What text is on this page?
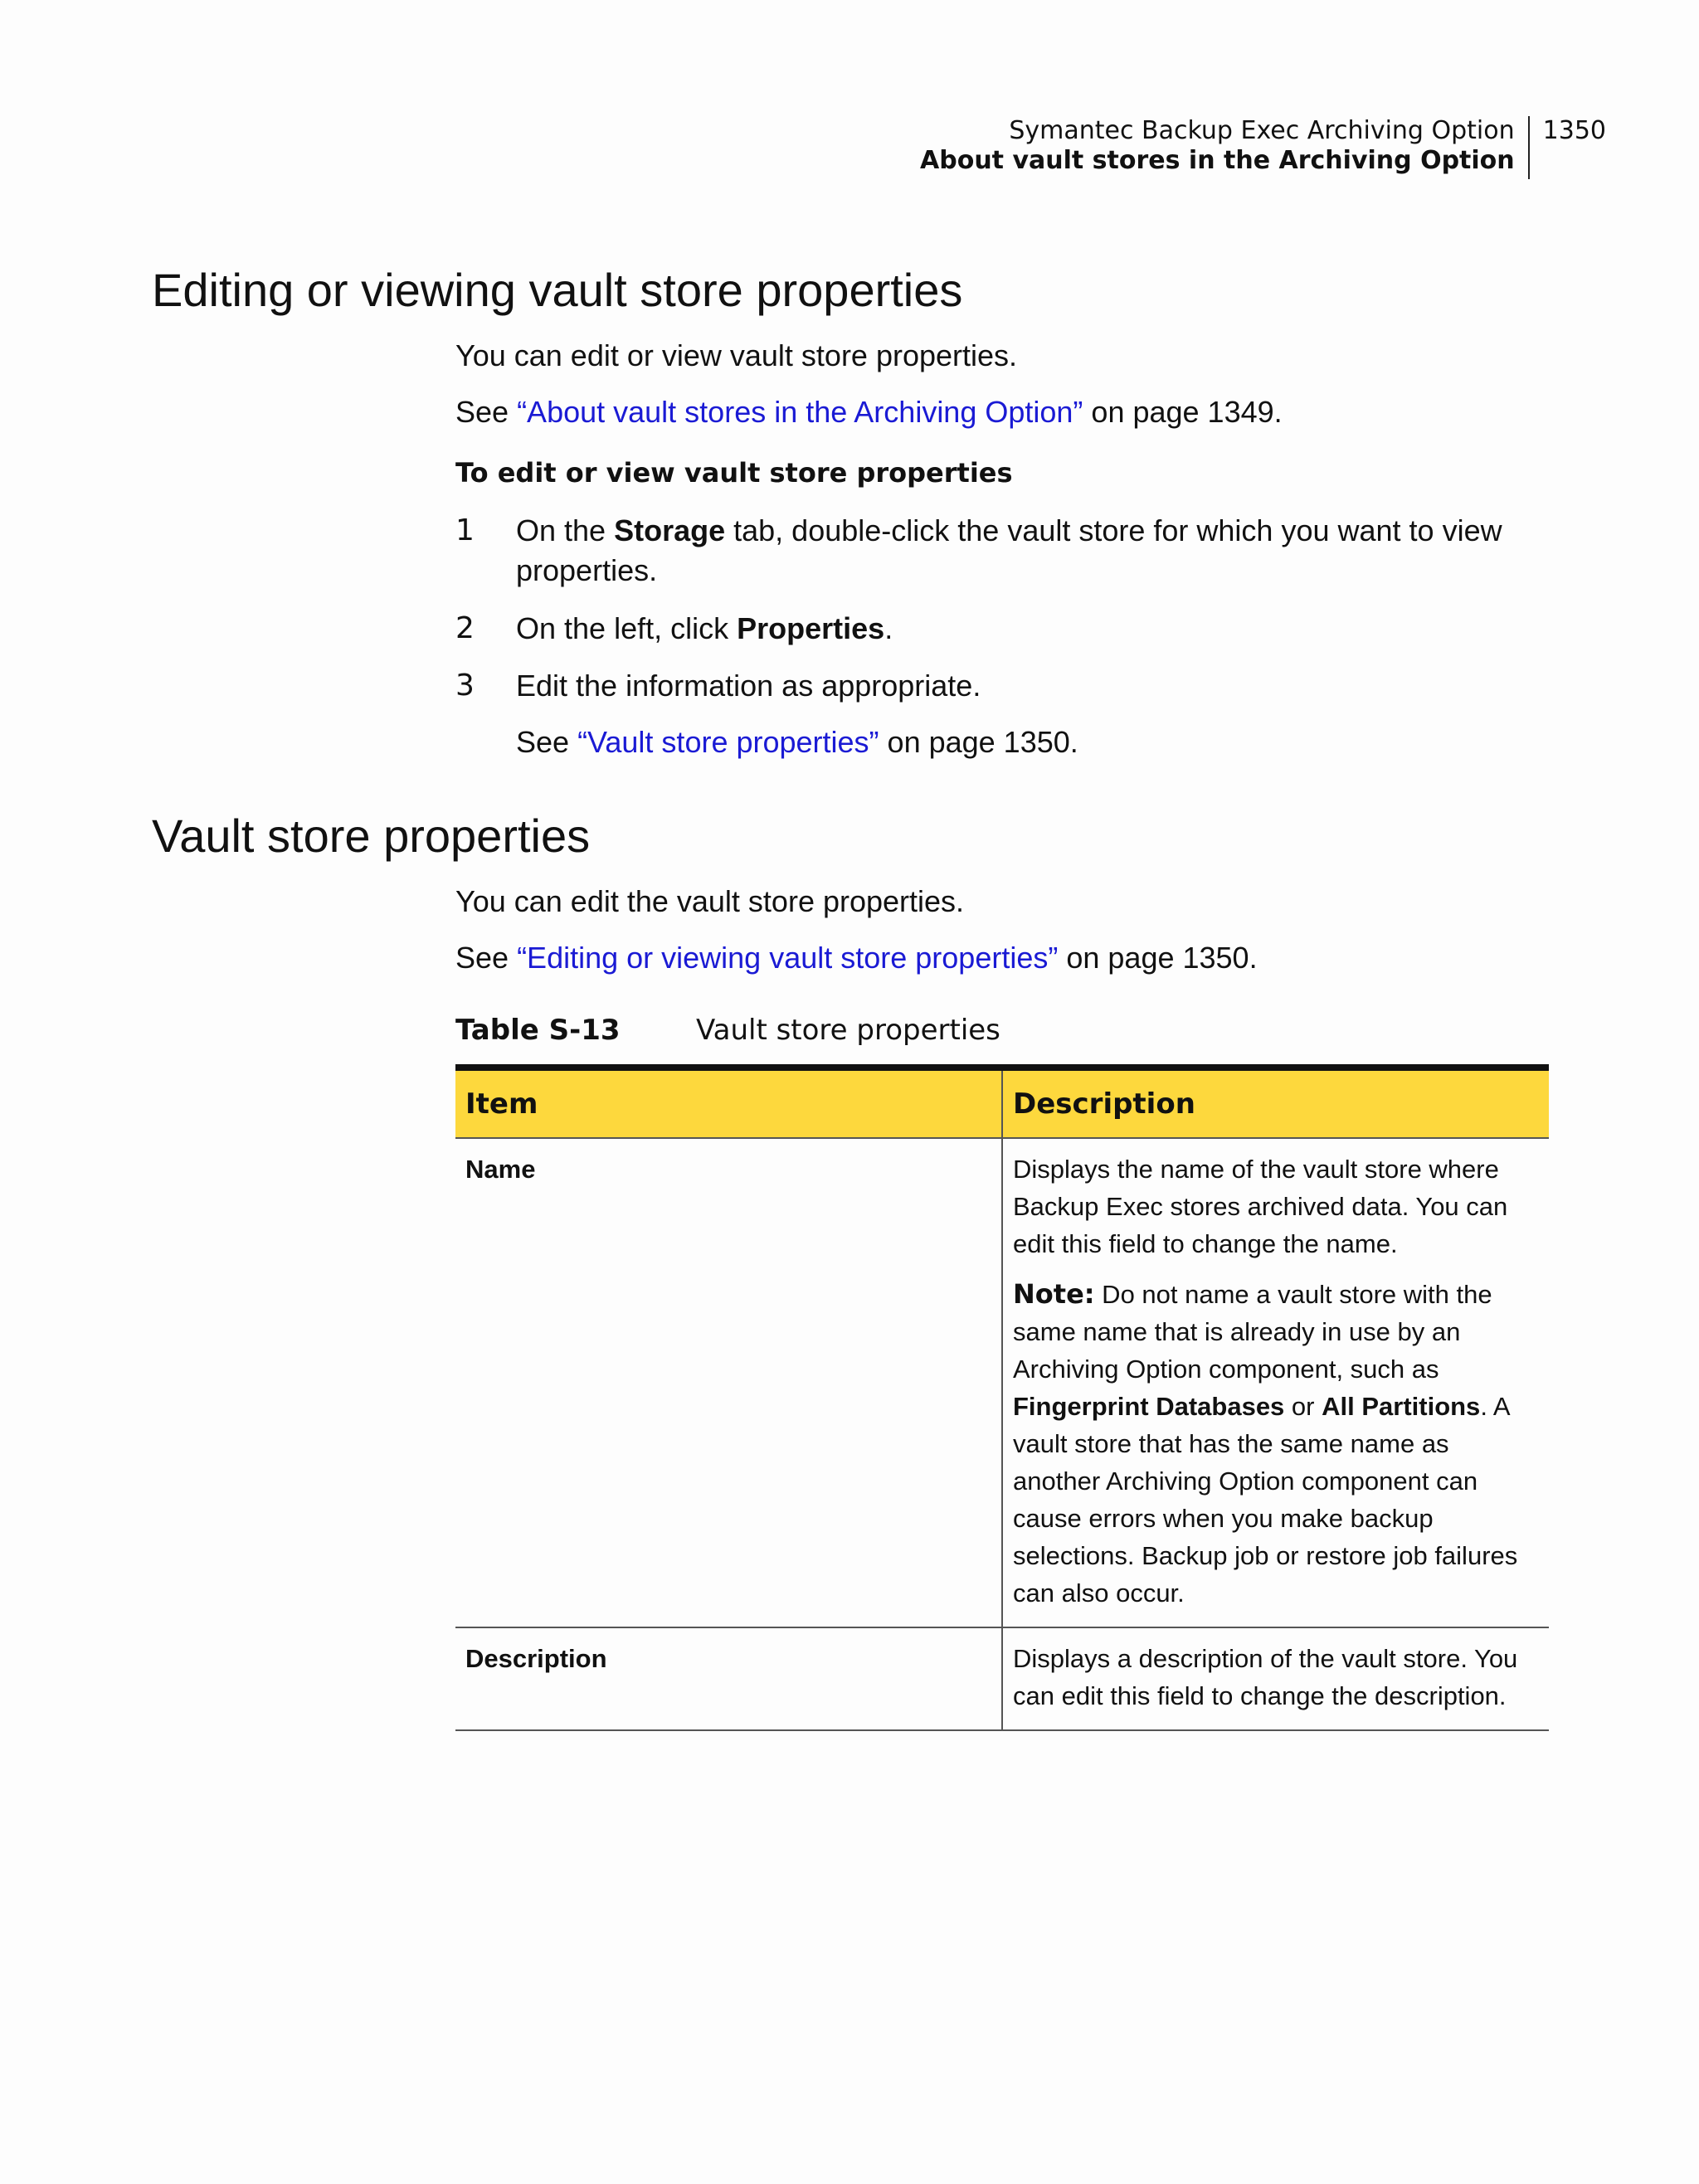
Symantec Backup Exec Archiving Option
About vault stores in the Archiving Option
1350
Editing or viewing vault store properties

You can edit or view vault store properties.

See “About vault stores in the Archiving Option” on page 1349.

To edit or view vault store properties
1 On the Storage tab, double-click the vault store for which you want to view properties.
2 On the left, click Properties.
3 Edit the information as appropriate.

See “Vault store properties” on page 1350.

Vault store properties

You can edit the vault store properties.

See “Editing or viewing vault store properties” on page 1350.

Table S-13	Vault store properties
Item	Description
Name	Displays the name of the vault store where Backup Exec stores archived data. You can edit this field to change the name.

Note: Do not name a vault store with the same name that is already in use by an Archiving Option component, such as Fingerprint Databases or All Partitions. A vault store that has the same name as another Archiving Option component can cause errors when you make backup selections. Backup job or restore job failures can also occur.

Description	Displays a description of the vault store. You can edit this field to change the description.
